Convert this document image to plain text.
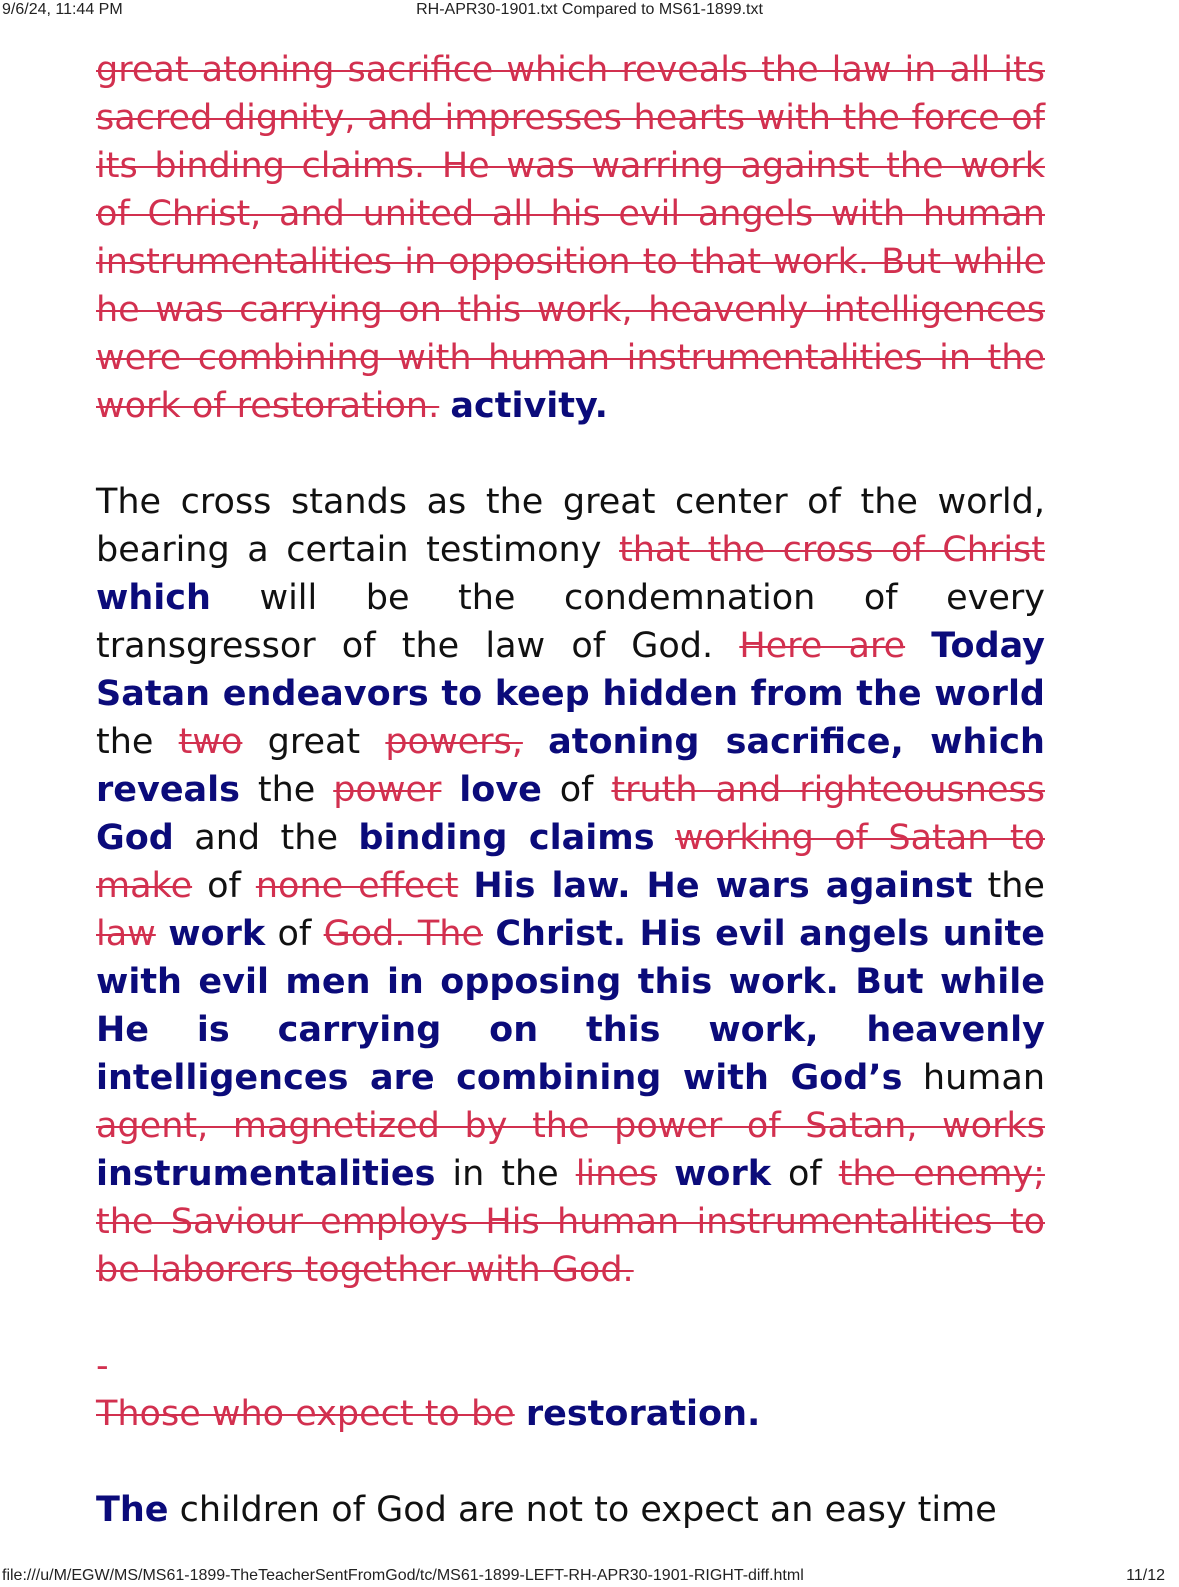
9/6/24, 11:44 PM	RH-APR30-1901.txt Compared to MS61-1899.txt

great atoning sacrifice which reveals the law in all its sacred dignity, and impresses hearts with the force of its binding claims. He was warring against the work of Christ, and united all his evil angels with human instrumentalities in opposition to that work. But while he was carrying on this work, heavenly intelligences were combining with human instrumentalities in the work of restoration. activity.

The cross stands as the great center of the world, bearing a certain testimony that the cross of Christ which will be the condemnation of every transgressor of the law of God. Here are Today Satan endeavors to keep hidden from the world the two great powers, atoning sacrifice, which reveals the power love of truth and righteousness God and the binding claims working of Satan to make of none effect His law. He wars against the law work of God. The Christ. His evil angels unite with evil men in opposing this work. But while He is carrying on this work, heavenly intelligences are combining with God’s human agent, magnetized by the power of Satan, works instrumentalities in the lines work of the enemy; the Saviour employs His human instrumentalities to be laborers together with God.

-
Those who expect to be restoration.

The children of God are not to expect an easy time

file:///u/M/EGW/MS/MS61-1899-TheTeacherSentFromGod/tc/MS61-1899-LEFT-RH-APR30-1901-RIGHT-diff.html	11/12
